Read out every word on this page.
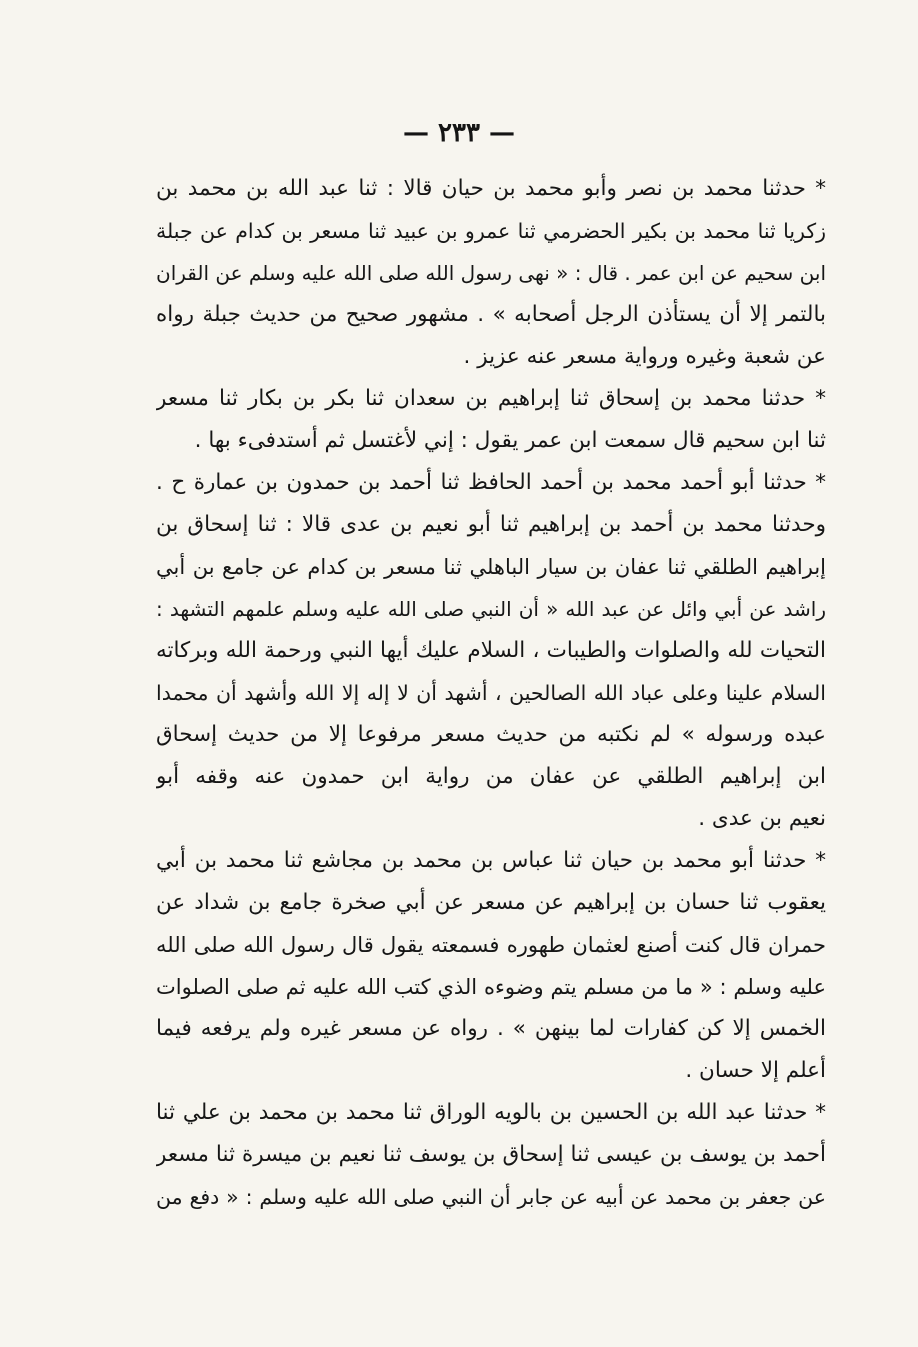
— ٢٣٣ —
* حدثنا محمد بن نصر وأبو محمد بن حيان قالا : ثنا عبد الله بن محمد بن
زكريا ثنا محمد بن بكير الحضرمي ثنا عمرو بن عبيد ثنا مسعر بن كدام عن جبلة
ابن سحيم عن ابن عمر . قال : « نهى رسول الله صلى الله عليه وسلم عن القران
بالتمر إلا أن يستأذن الرجل أصحابه » . مشهور صحيح من حديث جبلة رواه
عن شعبة وغيره ورواية مسعر عنه عزيز .
* حدثنا محمد بن إسحاق ثنا إبراهيم بن سعدان ثنا بكر بن بكار ثنا مسعر
ثنا ابن سحيم قال سمعت ابن عمر يقول : إني لأغتسل ثم أستدفىء بها .
* حدثنا أبو أحمد محمد بن أحمد الحافظ ثنا أحمد بن حمدون بن عمارة ح .
وحدثنا محمد بن أحمد بن إبراهيم ثنا أبو نعيم بن عدى قالا : ثنا إسحاق بن
إبراهيم الطلقي ثنا عفان بن سيار الباهلي ثنا مسعر بن كدام عن جامع بن أبي
راشد عن أبي وائل عن عبد الله « أن النبي صلى الله عليه وسلم علمهم التشهد :
التحيات لله والصلوات والطيبات ، السلام عليك أيها النبي ورحمة الله وبركاته
السلام علينا وعلى عباد الله الصالحين ، أشهد أن لا إله إلا الله وأشهد أن محمدا
عبده ورسوله » لم نكتبه من حديث مسعر مرفوعا إلا من حديث إسحاق
ابن إبراهيم الطلقي عن عفان من رواية ابن حمدون عنه وقفه أبو
نعيم بن عدى .
* حدثنا أبو محمد بن حيان ثنا عباس بن محمد بن مجاشع ثنا محمد بن أبي
يعقوب ثنا حسان بن إبراهيم عن مسعر عن أبي صخرة جامع بن شداد عن
حمران قال كنت أصنع لعثمان طهوره فسمعته يقول قال رسول الله صلى الله
عليه وسلم : « ما من مسلم يتم وضوءه الذي كتب الله عليه ثم صلى الصلوات
الخمس إلا كن كفارات لما بينهن » . رواه عن مسعر غيره ولم يرفعه فيما
أعلم إلا حسان .
* حدثنا عبد الله بن الحسين بن بالويه الوراق ثنا محمد بن محمد بن علي ثنا
أحمد بن يوسف بن عيسى ثنا إسحاق بن يوسف ثنا نعيم بن ميسرة ثنا مسعر
عن جعفر بن محمد عن أبيه عن جابر أن النبي صلى الله عليه وسلم : « دفع من
